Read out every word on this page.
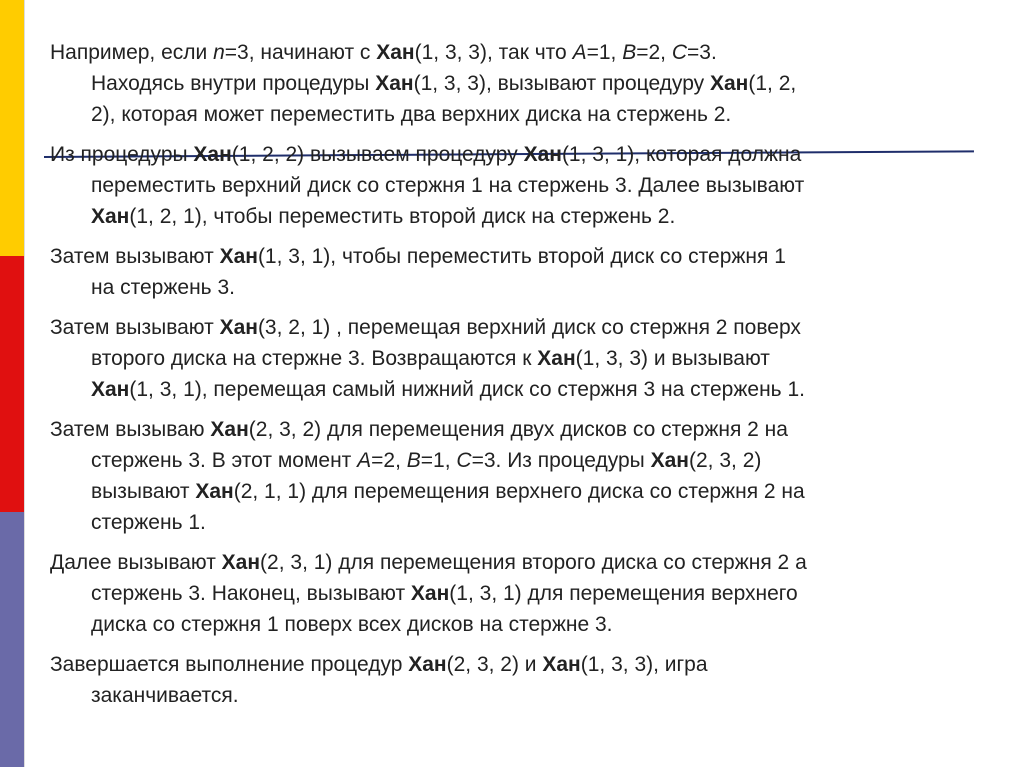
Например, если n=3, начинают с Хан(1, 3, 3), так что A=1, B=2, C=3.
Находясь внутри процедуры Хан(1, 3, 3), вызывают процедуру Хан(1, 2,
2), которая может переместить два верхних диска на стержень 2.

Из процедуры Хан(1, 2, 2) вызываем процедуру Хан(1, 3, 1), которая должна
переместить верхний диск со стержня 1 на стержень 3. Далее вызывают
Хан(1, 2, 1), чтобы переместить второй диск на стержень 2.

Затем вызывают Хан(1, 3, 1), чтобы переместить второй диск со стержня 1
на стержень 3.

Затем вызывают Хан(3, 2, 1) , перемещая верхний диск со стержня 2 поверх
второго диска на стержне 3. Возвращаются к Хан(1, 3, 3) и вызывают
Хан(1, 3, 1), перемещая самый нижний диск со стержня 3 на стержень 1.

Затем вызываю Хан(2, 3, 2) для перемещения двух дисков со стержня 2 на
стержень 3. В этот момент A=2, B=1, C=3. Из процедуры Хан(2, 3, 2)
вызывают Хан(2, 1, 1) для перемещения верхнего диска со стержня 2 на
стержень 1.

Далее вызывают Хан(2, 3, 1) для перемещения второго диска со стержня 2 а
стержень 3. Наконец, вызывают Хан(1, 3, 1) для перемещения верхнего
диска со стержня 1 поверх всех дисков на стержне 3.

Завершается выполнение процедур Хан(2, 3, 2) и Хан(1, 3, 3), игра
заканчивается.
